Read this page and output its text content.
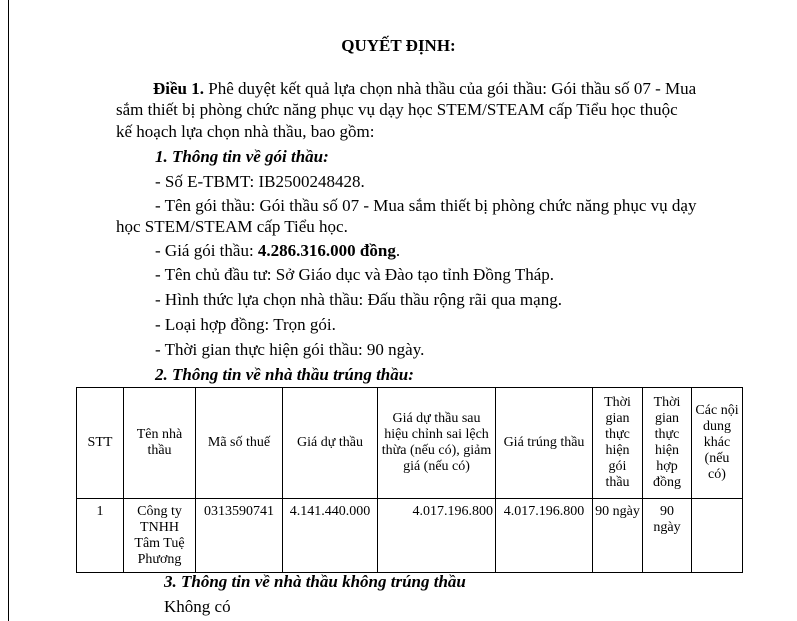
QUYẾT ĐỊNH:
Điều 1. Phê duyệt kết quả lựa chọn nhà thầu của gói thầu: Gói thầu số 07 - Mua
sắm thiết bị phòng chức năng phục vụ dạy học STEM/STEAM cấp Tiểu học thuộc
kế hoạch lựa chọn nhà thầu, bao gồm:
1. Thông tin về gói thầu:
- Số E-TBMT: IB2500248428.
- Tên gói thầu: Gói thầu số 07 - Mua sắm thiết bị phòng chức năng phục vụ dạy
học STEM/STEAM cấp Tiểu học.
- Giá gói thầu: 4.286.316.000 đồng.
- Tên chủ đầu tư: Sở Giáo dục và Đào tạo tỉnh Đồng Tháp.
- Hình thức lựa chọn nhà thầu: Đấu thầu rộng rãi qua mạng.
- Loại hợp đồng: Trọn gói.
- Thời gian thực hiện gói thầu: 90 ngày.
2. Thông tin về nhà thầu trúng thầu:
STT	Tên nhà thầu	Mã số thuế	Giá dự thầu	Giá dự thầu sau hiệu chỉnh sai lệch thừa (nếu có), giảm giá (nếu có)	Giá trúng thầu	Thời gian thực hiện gói thầu	Thời gian thực hiện hợp đồng	Các nội dung khác (nếu có)
1	Công ty TNHH Tâm Tuệ Phương	0313590741	4.141.440.000	4.017.196.800	4.017.196.800	90 ngày	90 ngày	
3. Thông tin về nhà thầu không trúng thầu
Không có
